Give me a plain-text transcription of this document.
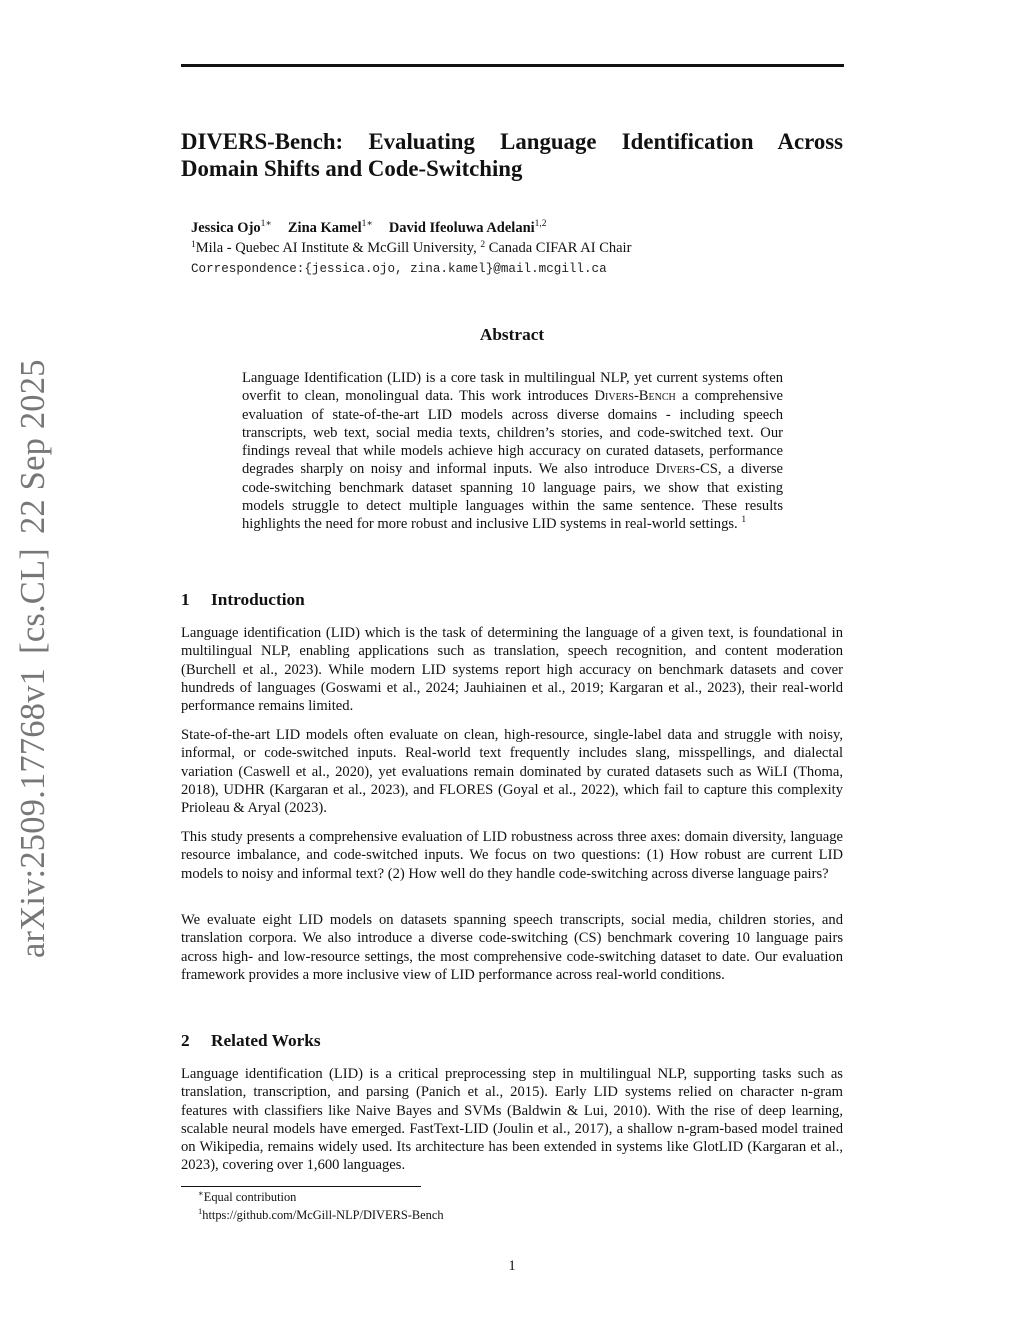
arXiv:2509.17768v1[cs.CL]22 Sep 2025
DIVERS-Bench: Evaluating Language Identification Across Domain Shifts and Code-Switching
Jessica Ojo$^{1∗}$ Zina Kamel$^{1∗}$ David Ifeoluwa Adelani$^{1,2}$
$^1$Mila - Quebec AI Institute & McGill University, $^2$ Canada CIFAR AI Chair
Correspondence:{jessica.ojo, zina.kamel}@mail.mcgill.ca
Abstract

Language Identification (LID) is a core task in multilingual NLP, yet current systems often overfit to clean, monolingual data. This work introduces Divers-Bench a comprehensive evaluation of state-of-the-art LID models across diverse domains - including speech transcripts, web text, social media texts, children’s stories, and code-switched text. Our findings reveal that while models achieve high accuracy on curated datasets, performance degrades sharply on noisy and informal inputs. We also introduce Divers-CS, a diverse code-switching benchmark dataset spanning 10 language pairs, we show that existing models struggle to detect multiple languages within the same sentence. These results highlights the need for more robust and inclusive LID systems in real-world settings. $^1$

1 Introduction

Language identification (LID) which is the task of determining the language of a given text, is foundational in multilingual NLP, enabling applications such as translation, speech recognition, and content moderation (Burchell et al., 2023). While modern LID systems report high accuracy on benchmark datasets and cover hundreds of languages (Goswami et al., 2024; Jauhiainen et al., 2019; Kargaran et al., 2023), their real-world performance remains limited.

State-of-the-art LID models often evaluate on clean, high-resource, single-label data and struggle with noisy, informal, or code-switched inputs. Real-world text frequently includes slang, misspellings, and dialectal variation (Caswell et al., 2020), yet evaluations remain dominated by curated datasets such as WiLI (Thoma, 2018), UDHR (Kargaran et al., 2023), and FLORES (Goyal et al., 2022), which fail to capture this complexity Prioleau & Aryal (2023).

This study presents a comprehensive evaluation of LID robustness across three axes: domain diversity, language resource imbalance, and code-switched inputs. We focus on two questions: (1) How robust are current LID models to noisy and informal text? (2) How well do they handle code-switching across diverse language pairs?

We evaluate eight LID models on datasets spanning speech transcripts, social media, children stories, and translation corpora. We also introduce a diverse code-switching (CS) benchmark covering 10 language pairs across high- and low-resource settings, the most comprehensive code-switching dataset to date. Our evaluation framework provides a more inclusive view of LID performance across real-world conditions.

2 Related Works

Language identification (LID) is a critical preprocessing step in multilingual NLP, supporting tasks such as translation, transcription, and parsing (Panich et al., 2015). Early LID systems relied on character n-gram features with classifiers like Naive Bayes and SVMs (Baldwin & Lui, 2010). With the rise of deep learning, scalable neural models have emerged. FastText-LID (Joulin et al., 2017), a shallow n-gram-based model trained on Wikipedia, remains widely used. Its architecture has been extended in systems like GlotLID (Kargaran et al., 2023), covering over 1,600 languages.

∗Equal contribution

$^1$https://github.com/McGill-NLP/DIVERS-Bench

1
